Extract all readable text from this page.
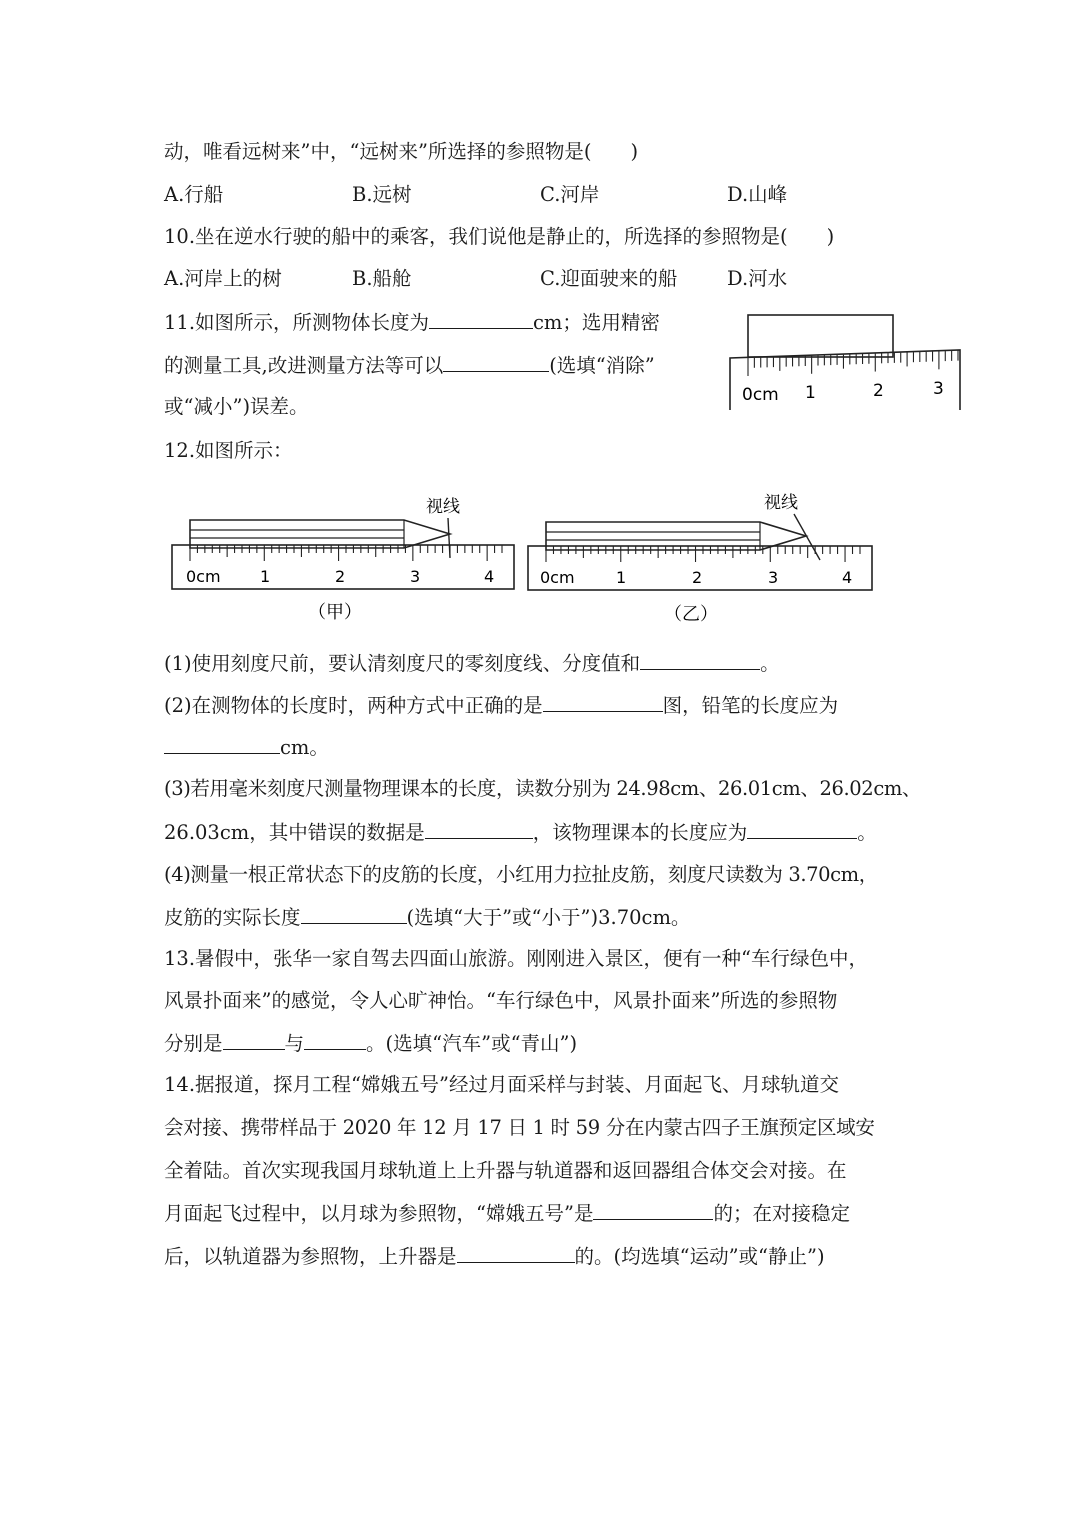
动，唯看远树来”中，“远树来”所选择的参照物是(　　)
A.行船	B.远树	C.河岸	D.山峰
10.坐在逆水行驶的船中的乘客，我们说他是静止的，所选择的参照物是(　　)
A.河岸上的树	B.船舱	C.迎面驶来的船	D.河水
11.如图所示，所测物体长度为	cm；选用精密
的测量工具,改进测量方法等可以	(选填“消除”
或“减小”)误差。	0cm 1	2	3
12.如图所示：
视线
0cm 1	2	3	4
（甲）
视线
0cm	1	2	3	4
（乙）
(1)使用刻度尺前，要认清刻度尺的零刻度线、分度值和	。
(2)在测物体的长度时，两种方式中正确的是	图，铅笔的长度应为
cm。
(3)若用毫米刻度尺测量物理课本的长度，读数分别为 24.98cm、26.01cm、26.02cm、
26.03cm，其中错误的数据是	，该物理课本的长度应为	。
(4)测量一根正常状态下的皮筋的长度，小红用力拉扯皮筋，刻度尺读数为 3.70cm，
皮筋的实际长度	(选填“大于”或“小于”)3.70cm。
13.暑假中，张华一家自驾去四面山旅游。刚刚进入景区，便有一种“车行绿色中，
风景扑面来”的感觉，令人心旷神怡。“车行绿色中，风景扑面来”所选的参照物
分别是	与	。(选填“汽车”或“青山”)
14.据报道，探月工程“嫦娥五号”经过月面采样与封装、月面起飞、月球轨道交
会对接、携带样品于 2020 年 12 月 17 日 1 时 59 分在内蒙古四子王旗预定区域安
全着陆。首次实现我国月球轨道上上升器与轨道器和返回器组合体交会对接。在
月面起飞过程中，以月球为参照物，“嫦娥五号”是	的；在对接稳定
后，以轨道器为参照物，上升器是	的。(均选填“运动”或“静止”)
